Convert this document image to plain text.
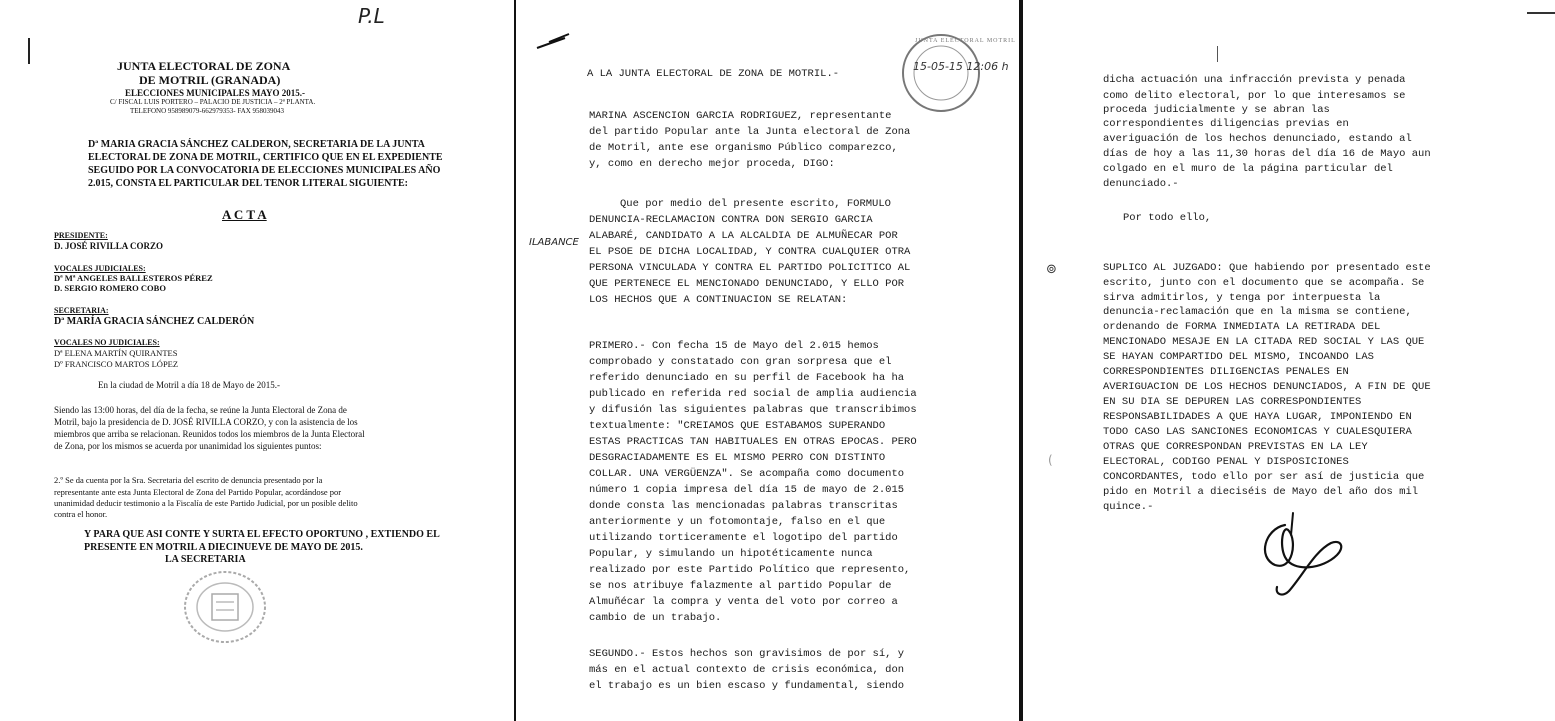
P.L
JUNTA ELECTORAL DE ZONA
DE MOTRIL (GRANADA)
ELECCIONES MUNICIPALES MAYO 2015.-
C/ FISCAL LUIS PORTERO – PALACIO DE JUSTICIA – 2ª PLANTA.
TELEFONO 958989079-662979353- FAX 958039043
Dª MARIA GRACIA SÁNCHEZ CALDERON, SECRETARIA DE LA JUNTA
ELECTORAL DE ZONA DE MOTRIL, CERTIFICO QUE EN EL EXPEDIENTE
SEGUIDO POR LA CONVOCATORIA DE ELECCIONES MUNICIPALES AÑO
2.015, CONSTA EL PARTICULAR DEL TENOR LITERAL SIGUIENTE:
A C T A
PRESIDENTE:
D. JOSÉ RIVILLA CORZO
VOCALES JUDICIALES:
Dª Mª ANGELES BALLESTEROS PÉREZ
D. SERGIO ROMERO COBO
SECRETARIA:
Dª MARÍA GRACIA SÁNCHEZ CALDERÓN
VOCALES NO JUDICIALES:
Dª ELENA MARTÍN QUIRANTES
Dº FRANCISCO MARTOS LÓPEZ
En la ciudad de Motril a día 18 de Mayo de 2015.-
Siendo las 13:00 horas, del día de la fecha, se reúne la Junta Electoral de Zona de
Motril, bajo la presidencia de D. JOSÉ RIVILLA CORZO, y con la asistencia de los
miembros que arriba se relacionan. Reunidos todos los miembros de la Junta Electoral
de Zona, por los mismos se acuerda por unanimidad los siguientes puntos:
2.º Se da cuenta por la Sra. Secretaria del escrito de denuncia presentado por la
representante ante esta Junta Electoral de Zona del Partido Popular, acordándose por
unanimidad deducir testimonio a la Fiscalía de este Partido Judicial, por un posible delito
contra el honor.
Y PARA QUE ASI CONTE Y SURTA EL EFECTO OPORTUNO , EXTIENDO EL
PRESENTE EN MOTRIL A DIECINUEVE DE MAYO DE 2015.
LA SECRETARIA
JUNTA ELECTORAL MOTRIL
15-05-15 12:06 h
A LA JUNTA ELECTORAL DE ZONA DE MOTRIL.-
MARINA ASCENCION GARCIA RODRIGUEZ, representante
del partido Popular ante la Junta electoral de Zona
de Motril, ante ese organismo Público comparezco,
y, como en derecho mejor proceda, DIGO:
Que por medio del presente escrito, FORMULO
DENUNCIA-RECLAMACION CONTRA DON SERGIO GARCIA
ALABARÉ, CANDIDATO A LA ALCALDIA DE ALMUÑECAR POR
EL PSOE DE DICHA LOCALIDAD, Y CONTRA CUALQUIER OTRA
PERSONA VINCULADA Y CONTRA EL PARTIDO POLICITICO AL
QUE PERTENECE EL MENCIONADO DENUNCIADO, Y ELLO POR
LOS HECHOS QUE A CONTINUACION SE RELATAN:
ILABANCE
PRIMERO.- Con fecha 15 de Mayo del 2.015 hemos
comprobado y constatado con gran sorpresa que el
referido denunciado en su perfil de Facebook ha ha
publicado en referida red social de amplia audiencia
y difusión las siguientes palabras que transcribimos
textualmente: "CREIAMOS QUE ESTABAMOS SUPERANDO
ESTAS PRACTICAS TAN HABITUALES EN OTRAS EPOCAS. PERO
DESGRACIADAMENTE ES EL MISMO PERRO CON DISTINTO
COLLAR. UNA VERGÜENZA". Se acompaña como documento
número 1 copia impresa del día 15 de mayo de 2.015
donde consta las mencionadas palabras transcritas
anteriormente y un fotomontaje, falso en el que
utilizando torticeramente el logotipo del partido
Popular, y simulando un hipotéticamente nunca
realizado por este Partido Político que represento,
se nos atribuye falazmente al partido Popular de
Almuñécar la compra y venta del voto por correo a
cambio de un trabajo.
SEGUNDO.- Estos hechos son gravisimos de por sí, y
más en el actual contexto de crisis económica, don
el trabajo es un bien escaso y fundamental, siendo
dicha actuación una infracción prevista y penada
como delito electoral, por lo que interesamos se
proceda judicialmente y se abran las
correspondientes diligencias previas en
averiguación de los hechos denunciado, estando al
días de hoy a las 11,30 horas del día 16 de Mayo aun
colgado en el muro de la página particular del
denunciado.-
Por todo ello,
⊚
(
SUPLICO AL JUZGADO: Que habiendo por presentado este
escrito, junto con el documento que se acompaña. Se
sirva admitirlos, y tenga por interpuesta la
denuncia-reclamación que en la misma se contiene,
ordenando de FORMA INMEDIATA LA RETIRADA DEL
MENCIONADO MESAJE EN LA CITADA RED SOCIAL Y LAS QUE
SE HAYAN COMPARTIDO DEL MISMO, INCOANDO LAS
CORRESPONDIENTES DILIGENCIAS PENALES EN
AVERIGUACION DE LOS HECHOS DENUNCIADOS, A FIN DE QUE
EN SU DIA SE DEPUREN LAS CORRESPONDIENTES
RESPONSABILIDADES A QUE HAYA LUGAR, IMPONIENDO EN
TODO CASO LAS SANCIONES ECONOMICAS Y CUALESQUIERA
OTRAS QUE CORRESPONDAN PREVISTAS EN LA LEY
ELECTORAL, CODIGO PENAL Y DISPOSICIONES
CONCORDANTES, todo ello por ser así de justicia que
pido en Motril a dieciséis de Mayo del año dos mil
quince.-
